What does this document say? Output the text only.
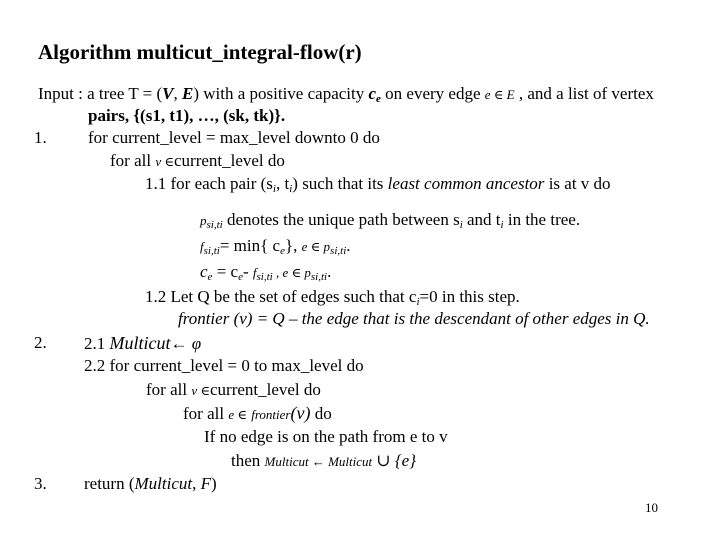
Algorithm multicut_integral-flow(r)
Input : a tree T = (V, E) with a positive capacity $c_e$ on every edge e ∈ E , and a list of vertex
pairs, {(s1, t1), …, (sk, tk)}.
1. for current_level = max_level downto 0 do
for all v ∈current_level do
1.1 for each pair ($s_i$, $t_i$) such that its least common ancestor is at v do
$p_{si,ti}$ denotes the unique path between $s_i$ and $t_i$ in the tree.
$f_{si,ti}= \min${ $c_e$}, e ∈ $p_{si,ti}$.
$c_e = c_e-$ $f_{si,ti}$ , e ∈ $p_{si,ti}$.
1.2 Let Q be the set of edges such that $c_i=0$ in this step.
frontier (v) = Q – the edge that is the descendant of other edges in Q.
2. 2.1 Multicut← φ
2.2 for current_level = 0 to max_level do
for all v ∈current_level do
for all e ∈ frontier(v) do
If no edge is on the path from e to v
then Multicut ← Multicut ∪ {e}
3. return (Multicut, F)
10
